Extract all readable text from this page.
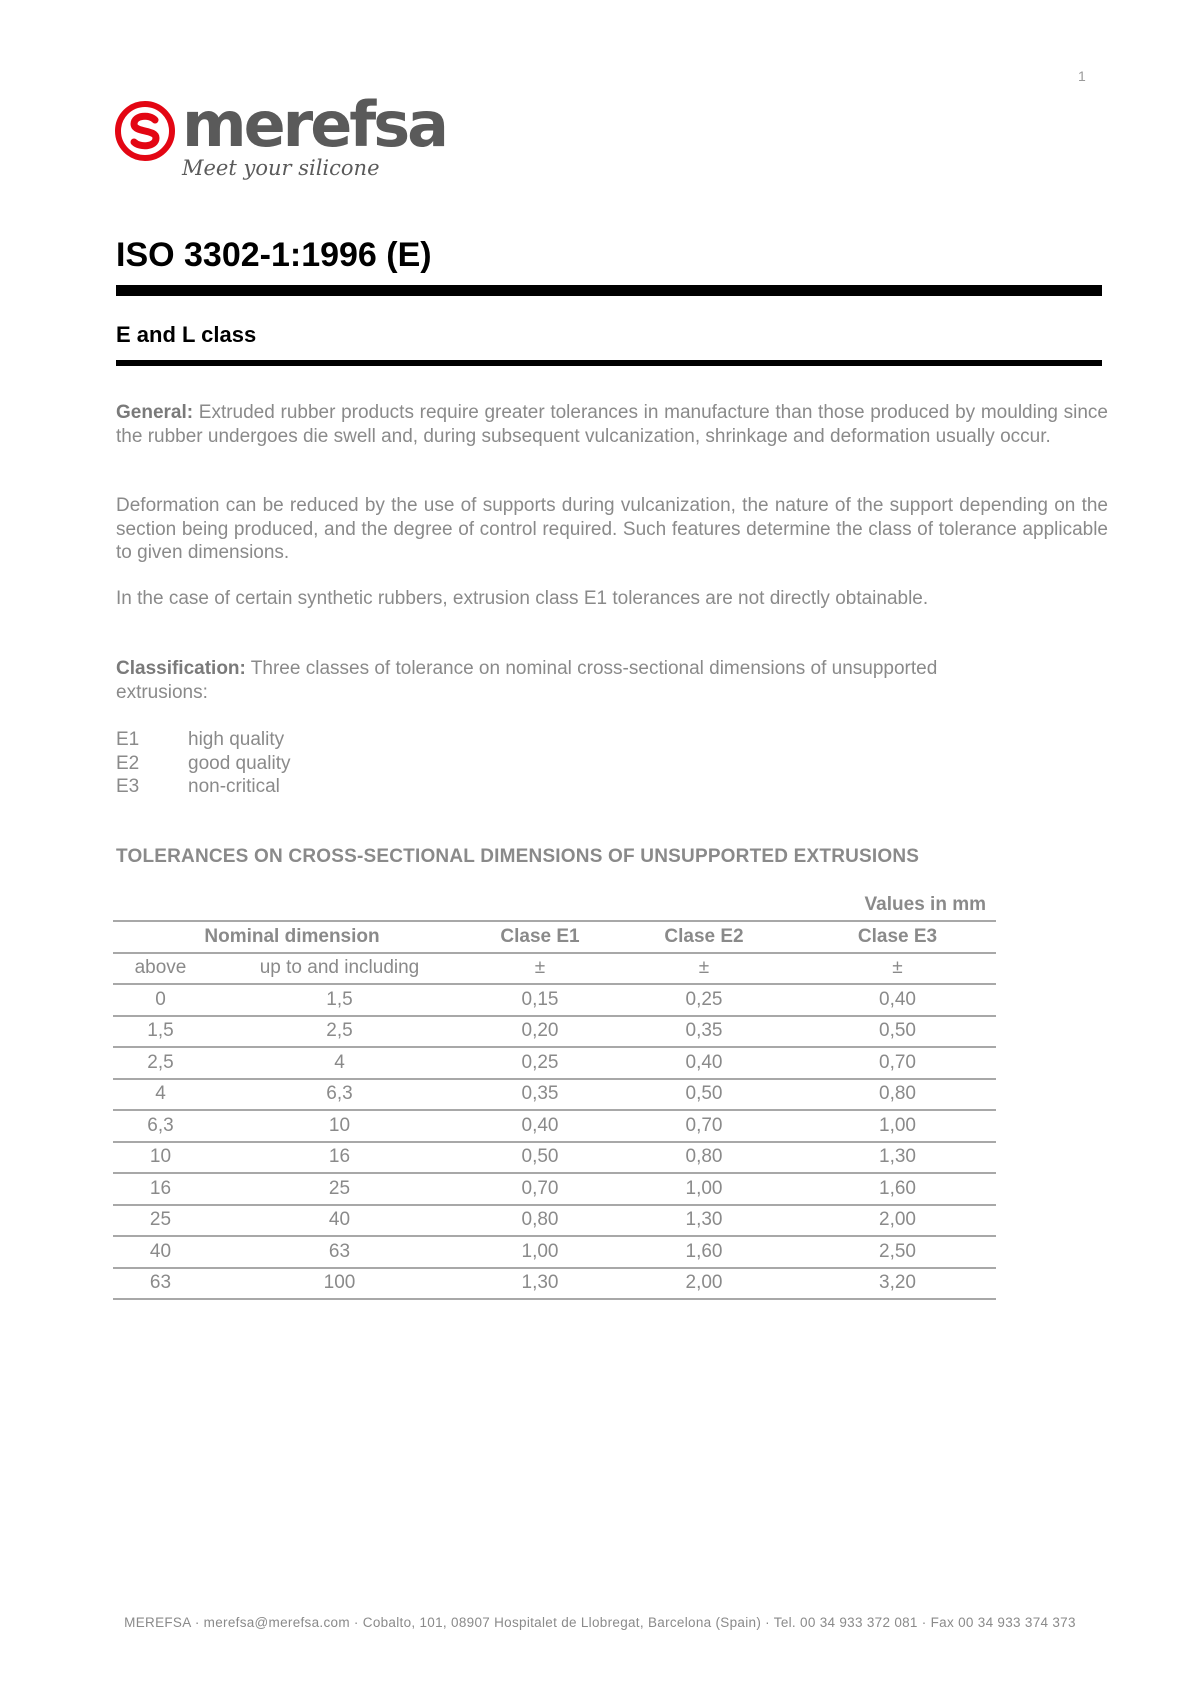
1
merefsa
Meet your silicone
ISO 3302-1:1996 (E)
E and L class

General: Extruded rubber products require greater tolerances in manufacture than those produced by moulding since the rubber undergoes die swell and, during subsequent vulcanization, shrinkage and deformation usually occur.

Deformation can be reduced by the use of supports during vulcanization, the nature of the support depending on the section being produced, and the degree of control required. Such features determine the class of tolerance applicable to given dimensions.

In the case of certain synthetic rubbers, extrusion class E1 tolerances are not directly obtainable.

Classification: Three classes of tolerance on nominal cross-sectional dimensions of unsupported extrusions:

E1	high quality
E2	good quality
E3	non-critical
TOLERANCES ON CROSS-SECTIONAL DIMENSIONS OF UNSUPPORTED EXTRUSIONS
Values in mm
Nominal dimension		Clase E1	Clase E2	Clase E3
above	up to and including	±	±	±
0	1,5	0,15	0,25	0,40
1,5	2,5	0,20	0,35	0,50
2,5	4	0,25	0,40	0,70
4	6,3	0,35	0,50	0,80
6,3	10	0,40	0,70	1,00
10	16	0,50	0,80	1,30
16	25	0,70	1,00	1,60
25	40	0,80	1,30	2,00
40	63	1,00	1,60	2,50
63	100	1,30	2,00	3,20
MEREFSA · merefsa@merefsa.com · Cobalto, 101, 08907 Hospitalet de Llobregat, Barcelona (Spain) · Tel. 00 34 933 372 081 · Fax 00 34 933 374 373
